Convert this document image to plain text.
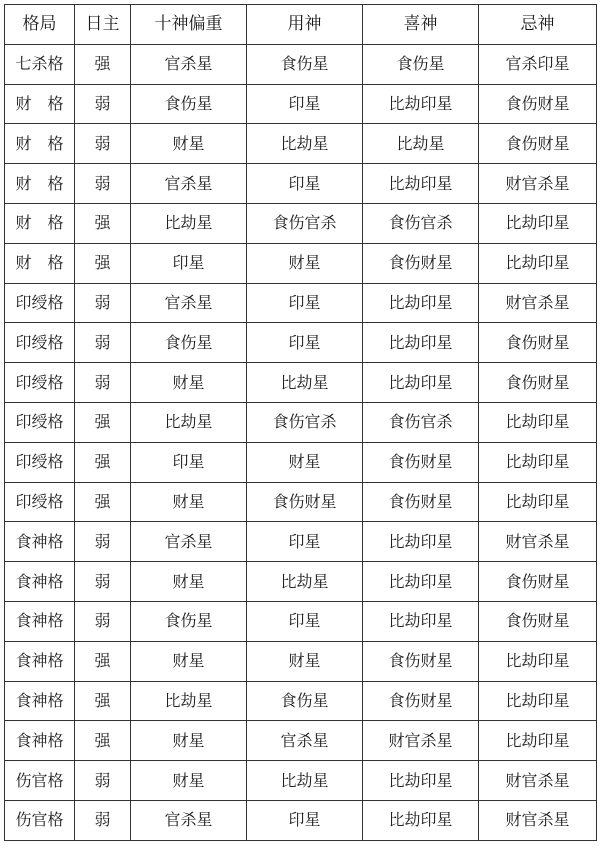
格局	日主	十神偏重	用神	喜神	忌神
七杀格	强	官杀星	食伤星	食伤星	官杀印星
财　格	弱	食伤星	印星	比劫印星	食伤财星
财　格	弱	财星	比劫星	比劫星	食伤财星
财　格	弱	官杀星	印星	比劫印星	财官杀星
财　格	强	比劫星	食伤官杀	食伤官杀	比劫印星
财　格	强	印星	财星	食伤财星	比劫印星
印绶格	弱	官杀星	印星	比劫印星	财官杀星
印绶格	弱	食伤星	印星	比劫印星	食伤财星
印绶格	弱	财星	比劫星	比劫印星	食伤财星
印绶格	强	比劫星	食伤官杀	食伤官杀	比劫印星
印绶格	强	印星	财星	食伤财星	比劫印星
印绶格	强	财星	食伤财星	食伤财星	比劫印星
食神格	弱	官杀星	印星	比劫印星	财官杀星
食神格	弱	财星	比劫星	比劫印星	食伤财星
食神格	弱	食伤星	印星	比劫印星	食伤财星
食神格	强	财星	财星	食伤财星	比劫印星
食神格	强	比劫星	食伤星	食伤财星	比劫印星
食神格	强	财星	官杀星	财官杀星	比劫印星
伤官格	弱	财星	比劫星	比劫印星	财官杀星
伤官格	弱	官杀星	印星	比劫印星	财官杀星
